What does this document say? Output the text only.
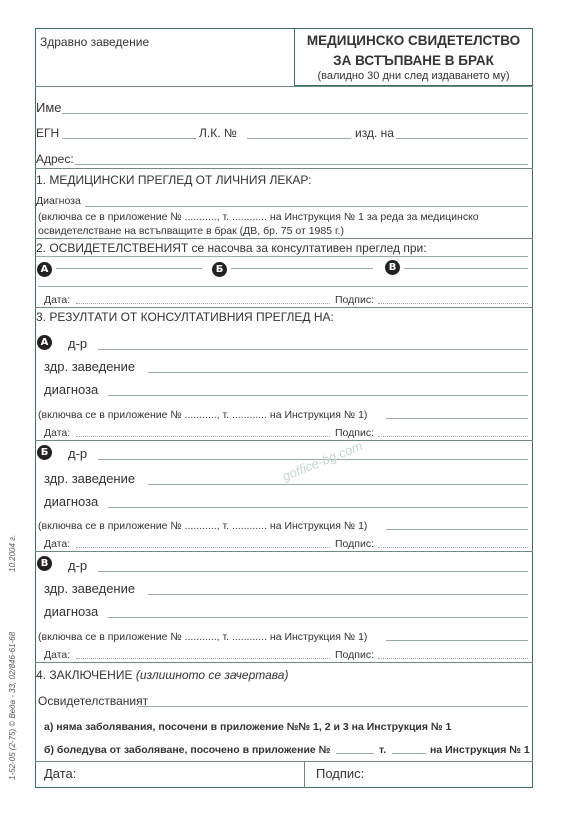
Здравно заведение	МЕДИЦИНСКО СВИДЕТЕЛСТВО
ЗА ВСТЪПВАНЕ В БРАК
(валидно 30 дни след издаването му)
Име
ЕГН	Л.К. №	изд. на
Адрес:
1. МЕДИЦИНСКИ ПРЕГЛЕД ОТ ЛИЧНИЯ ЛЕКАР:
Диагноза
(включва се в приложение № ..........., т. ............ на Инструкция № 1 за реда за медицинско
освидетелстване на встъпващите в брак (ДВ, бр. 75 от 1985 г.)
2. ОСВИДЕТЕЛСТВЕНИЯТ се насочва за консултативен преглед при:
А	Б	В
Дата:	Подпис:
3. РЕЗУЛТАТИ ОТ КОНСУЛТАТИВНИЯ ПРЕГЛЕД НА:
А д-р
здр. заведение
диагноза
(включва се в приложение № ..........., т. ............ на Инструкция № 1)
Дата:	Подпис:
Б д-р
здр. заведение
диагноза
(включва се в приложение № ..........., т. ............ на Инструкция № 1)
Дата:	Подпис:
В д-р
здр. заведение
диагноза
(включва се в приложение № ..........., т. ............ на Инструкция № 1)
Дата:	Подпис:
4. ЗАКЛЮЧЕНИЕ (излишното се зачертава)
Освидетелстваният
а) няма заболявания, посочени в приложение №№ 1, 2 и 3 на Инструкция № 1
б) боледува от заболяване, посочено в приложение №	т.	на Инструкция № 1
Дата:	Подпис:
1-52-05 (2-75) © Веда - 33, 02/846-61-68
10.2004 г.
goffice-bg.com
